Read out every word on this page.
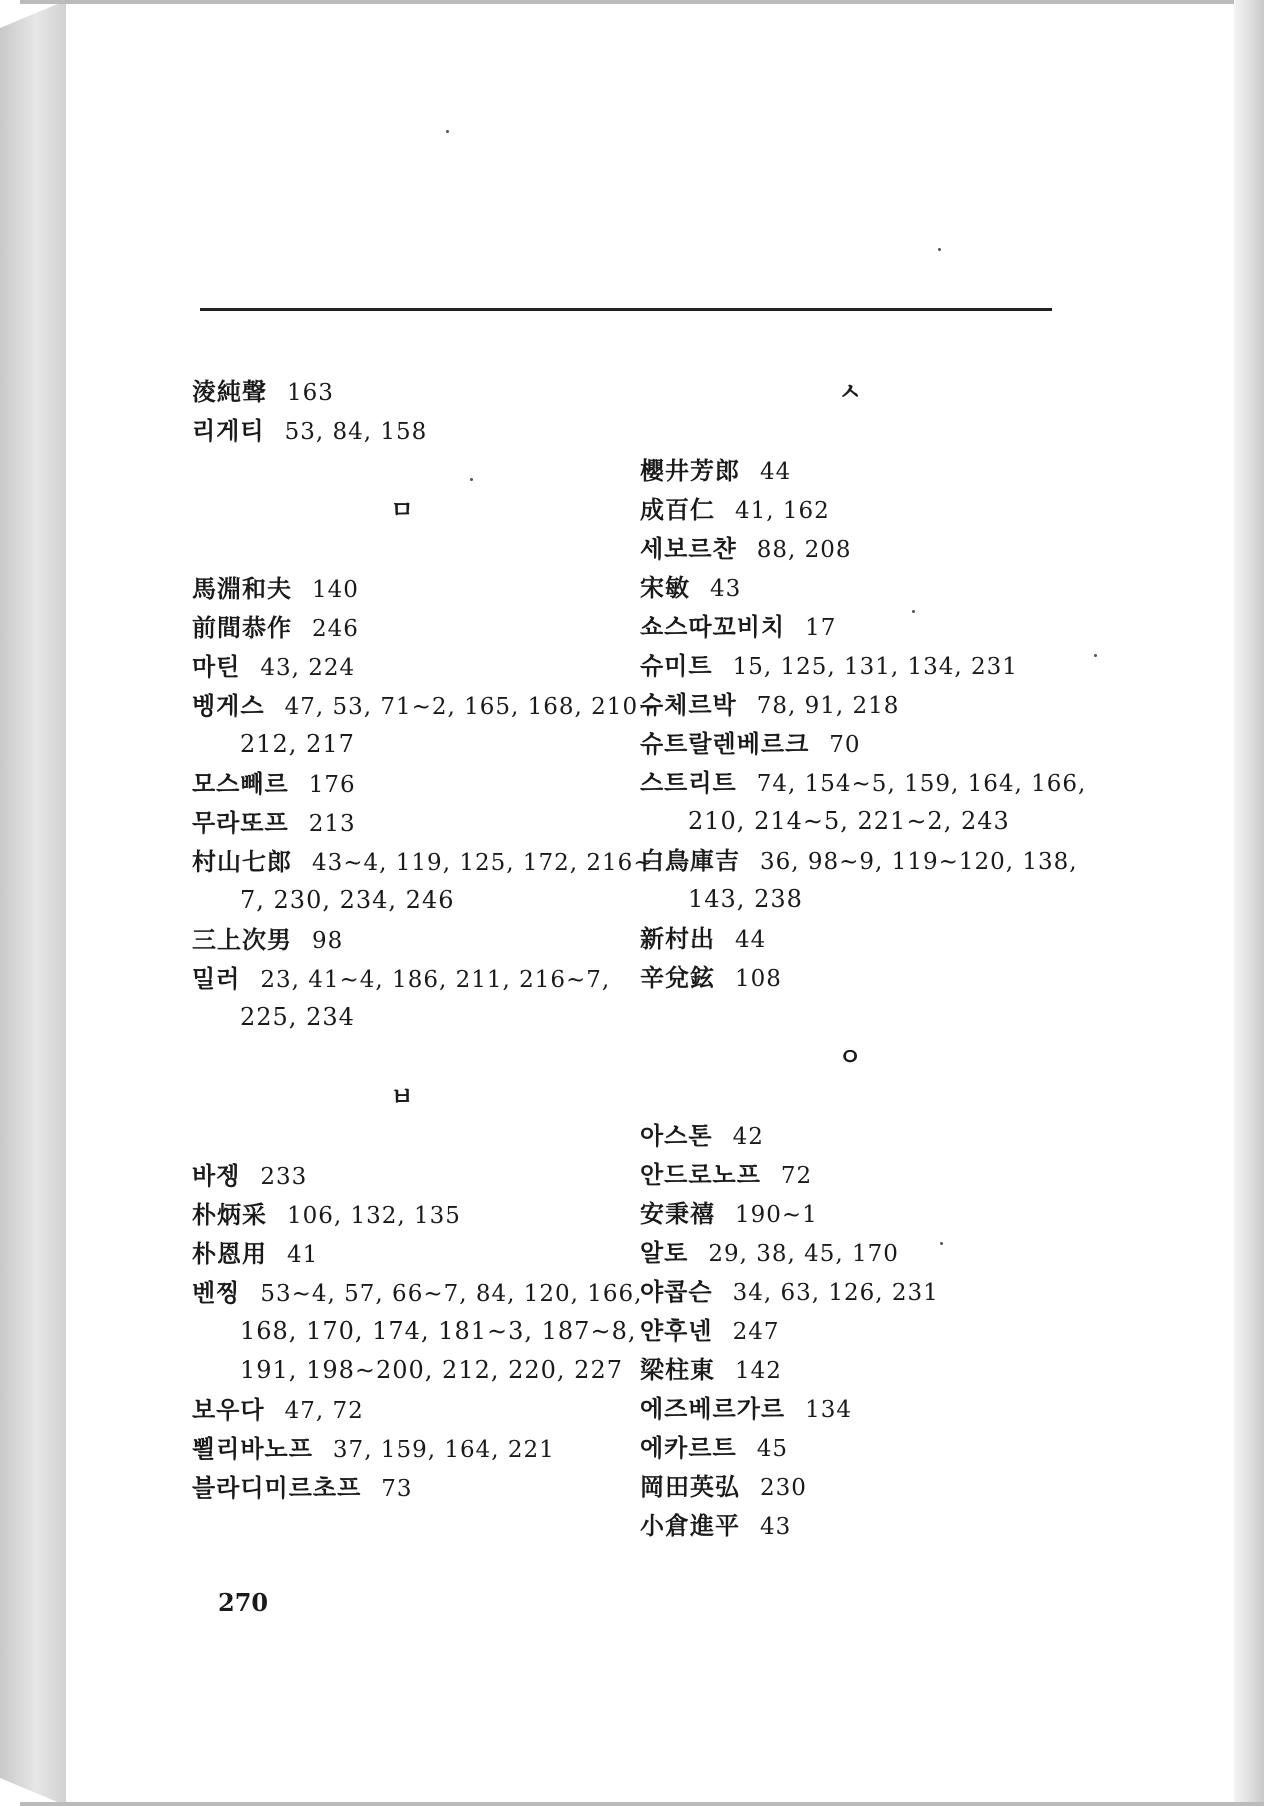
淩純聲 163
리게티 53, 84, 158
ㅁ
馬淵和夫 140
前間恭作 246
마틴 43, 224
벵게스 47, 53, 71∼2, 165, 168, 210∼
212, 217
모스빼르 176
무라또프 213
村山七郎 43∼4, 119, 125, 172, 216∼
7, 230, 234, 246
三上次男 98
밀러 23, 41∼4, 186, 211, 216∼7,
225, 234
ㅂ
바젱 233
朴炳采 106, 132, 135
朴恩用 41
벤찡 53∼4, 57, 66∼7, 84, 120, 166,
168, 170, 174, 181∼3, 187∼8,
191, 198∼200, 212, 220, 227
보우다 47, 72
뾜리바노프 37, 159, 164, 221
블라디미르초프 73
ㅅ
櫻井芳郎 44
成百仁 41, 162
세보르챤 88, 208
宋敏 43
쇼스따꼬비치 17
슈미트 15, 125, 131, 134, 231
슈체르박 78, 91, 218
슈트랄렌베르크 70
스트리트 74, 154∼5, 159, 164, 166,
210, 214∼5, 221∼2, 243
白鳥庫吉 36, 98∼9, 119∼120, 138,
143, 238
新村出 44
辛兌鉉 108
ㅇ
아스톤 42
안드로노프 72
安秉禧 190∼1
알토 29, 38, 45, 170
야콥슨 34, 63, 126, 231
얀후넨 247
梁柱東 142
에즈베르가르 134
에카르트 45
岡田英弘 230
小倉進平 43
270
